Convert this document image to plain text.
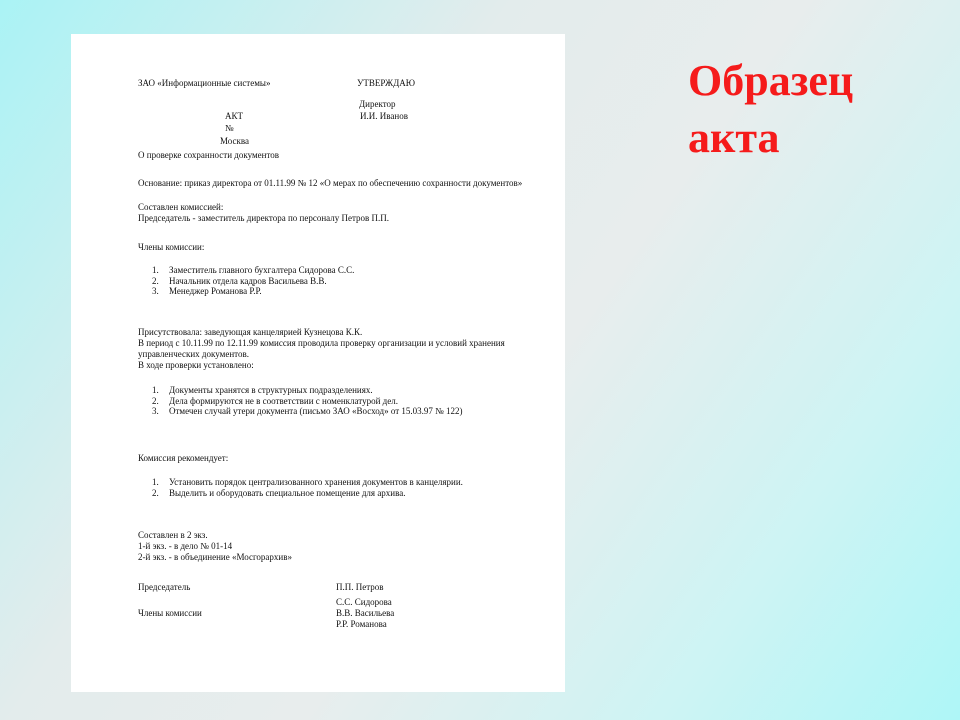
ЗАО «Информационные системы»	УТВЕРЖДАЮ
Директор
АКТ	И.И. Иванов
№
Москва
О проверке сохранности документов
Основание: приказ директора от 01.11.99 № 12 «О мерах по обеспечению сохранности документов»
Составлен комиссией:
Председатель - заместитель директора по персоналу Петров П.П.
Члены комиссии:
1. Заместитель главного бухгалтера Сидорова С.С.
2. Начальник отдела кадров Васильева В.В.
3. Менеджер Романова Р.Р.
Присутствовала: заведующая канцелярией Кузнецова К.К.
В период с 10.11.99 по 12.11.99 комиссия проводила проверку организации и условий хранения управленческих документов.
В ходе проверки установлено:
1. Документы хранятся в структурных подразделениях.
2. Дела формируются не в соответствии с номенклатурой дел.
3. Отмечен случай утери документа (письмо ЗАО «Восход» от 15.03.97 № 122)
Комиссия рекомендует:
1. Установить порядок централизованного хранения документов в канцелярии.
2. Выделить и оборудовать специальное помещение для архива.
Составлен в 2 экз.
1-й экз. - в дело № 01-14
2-й экз. - в объединение «Мосгорархив»
Председатель	П.П. Петров
С.С. Сидорова
Члены комиссии	В.В. Васильева
Р.Р. Романова
Образец
акта
